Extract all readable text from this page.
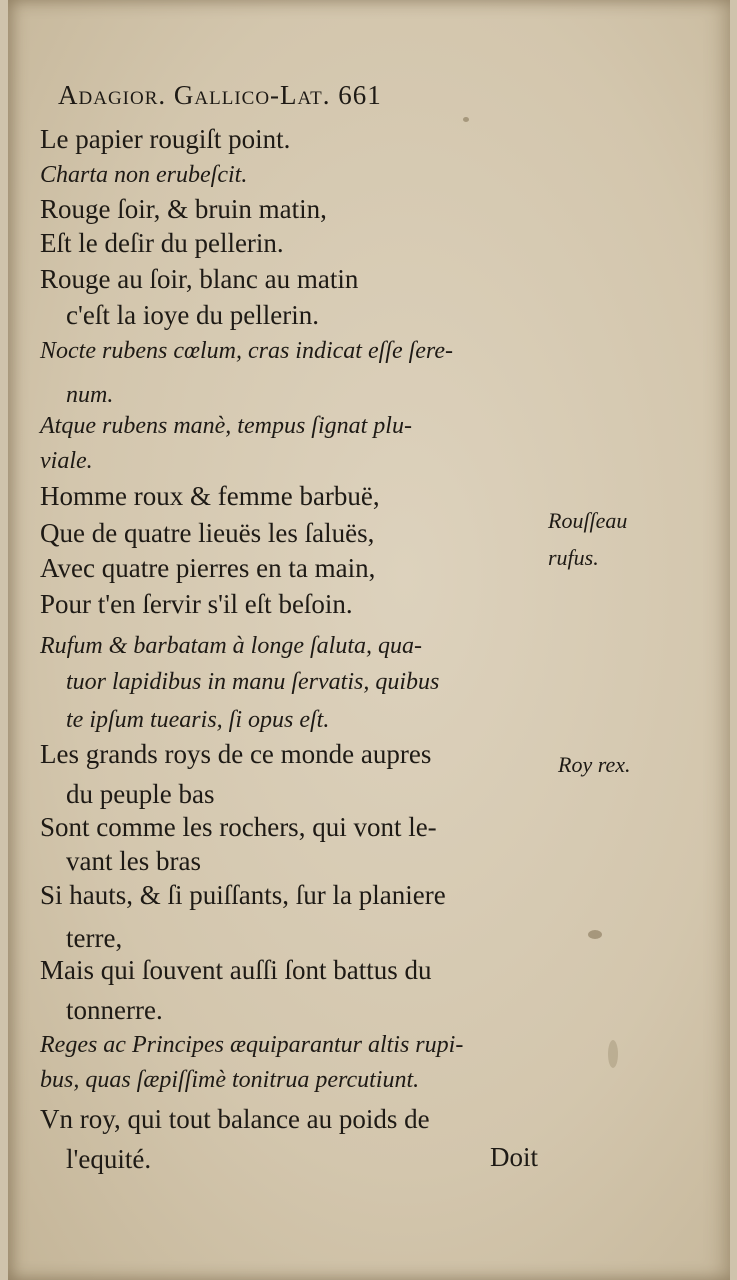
Adagior. Gallico-Lat. 661
Le papier rougiſt point.
Charta non erubeſcit.
Rouge ſoir, & bruin matin,
Eſt le deſir du pellerin.
Rouge au ſoir, blanc au matin
c'eſt la ioye du pellerin.
Nocte rubens cœlum, cras indicat eſſe ſere-
num.
Atque rubens manè, tempus ſignat plu-
viale.
Homme roux & femme barbuë,
Que de quatre lieuës les ſaluës,
Avec quatre pierres en ta main,
Pour t'en ſervir s'il eſt beſoin.
Rufum & barbatam à longe ſaluta, qua-
tuor lapidibus in manu ſervatis, quibus
te ipſum tuearis, ſi opus eſt.
Les grands roys de ce monde aupres
du peuple bas
Sont comme les rochers, qui vont le-
vant les bras
Si hauts, & ſi puiſſants, ſur la planiere
terre,
Mais qui ſouvent auſſi ſont battus du
tonnerre.
Reges ac Principes æquiparantur altis rupi-
bus, quas ſæpiſſimè tonitrua percutiunt.
Vn roy, qui tout balance au poids de
l'equité.
Rouſſeau
rufus.
Roy rex.
Doit
